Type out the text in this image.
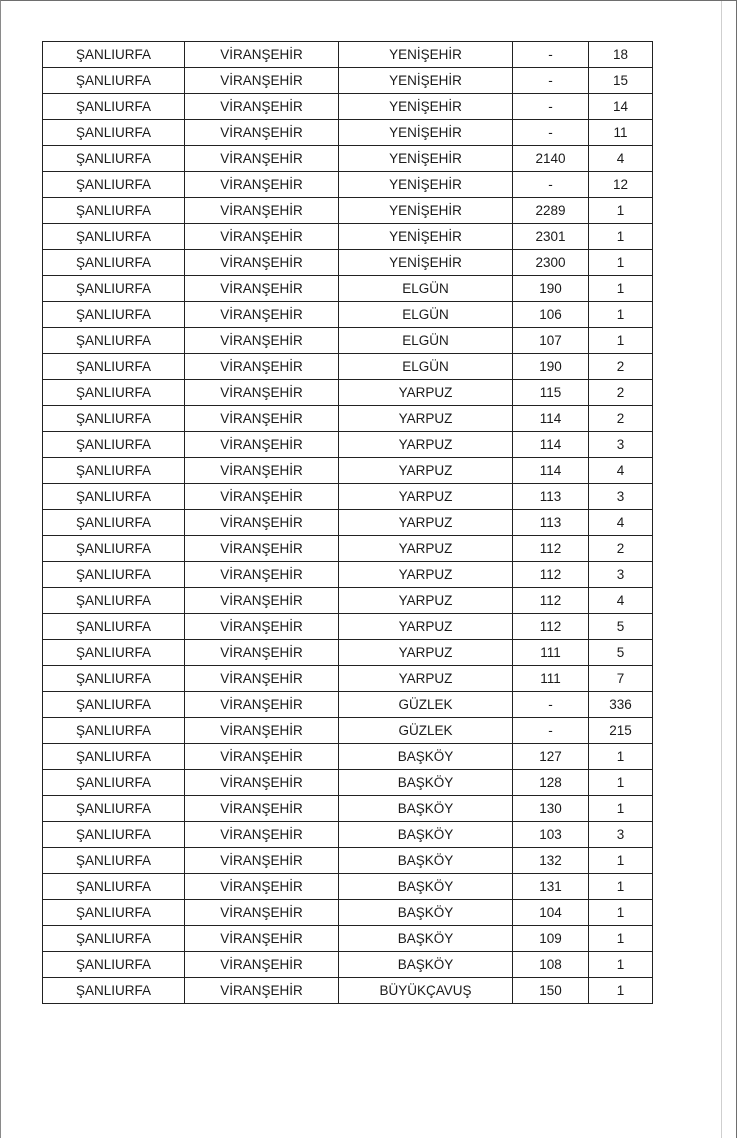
ŞANLIURFA	VİRANŞEHİR	YENİŞEHİR	-	18
ŞANLIURFA	VİRANŞEHİR	YENİŞEHİR	-	15
ŞANLIURFA	VİRANŞEHİR	YENİŞEHİR	-	14
ŞANLIURFA	VİRANŞEHİR	YENİŞEHİR	-	11
ŞANLIURFA	VİRANŞEHİR	YENİŞEHİR	2140	4
ŞANLIURFA	VİRANŞEHİR	YENİŞEHİR	-	12
ŞANLIURFA	VİRANŞEHİR	YENİŞEHİR	2289	1
ŞANLIURFA	VİRANŞEHİR	YENİŞEHİR	2301	1
ŞANLIURFA	VİRANŞEHİR	YENİŞEHİR	2300	1
ŞANLIURFA	VİRANŞEHİR	ELGÜN	190	1
ŞANLIURFA	VİRANŞEHİR	ELGÜN	106	1
ŞANLIURFA	VİRANŞEHİR	ELGÜN	107	1
ŞANLIURFA	VİRANŞEHİR	ELGÜN	190	2
ŞANLIURFA	VİRANŞEHİR	YARPUZ	115	2
ŞANLIURFA	VİRANŞEHİR	YARPUZ	114	2
ŞANLIURFA	VİRANŞEHİR	YARPUZ	114	3
ŞANLIURFA	VİRANŞEHİR	YARPUZ	114	4
ŞANLIURFA	VİRANŞEHİR	YARPUZ	113	3
ŞANLIURFA	VİRANŞEHİR	YARPUZ	113	4
ŞANLIURFA	VİRANŞEHİR	YARPUZ	112	2
ŞANLIURFA	VİRANŞEHİR	YARPUZ	112	3
ŞANLIURFA	VİRANŞEHİR	YARPUZ	112	4
ŞANLIURFA	VİRANŞEHİR	YARPUZ	112	5
ŞANLIURFA	VİRANŞEHİR	YARPUZ	111	5
ŞANLIURFA	VİRANŞEHİR	YARPUZ	111	7
ŞANLIURFA	VİRANŞEHİR	GÜZLEK	-	336
ŞANLIURFA	VİRANŞEHİR	GÜZLEK	-	215
ŞANLIURFA	VİRANŞEHİR	BAŞKÖY	127	1
ŞANLIURFA	VİRANŞEHİR	BAŞKÖY	128	1
ŞANLIURFA	VİRANŞEHİR	BAŞKÖY	130	1
ŞANLIURFA	VİRANŞEHİR	BAŞKÖY	103	3
ŞANLIURFA	VİRANŞEHİR	BAŞKÖY	132	1
ŞANLIURFA	VİRANŞEHİR	BAŞKÖY	131	1
ŞANLIURFA	VİRANŞEHİR	BAŞKÖY	104	1
ŞANLIURFA	VİRANŞEHİR	BAŞKÖY	109	1
ŞANLIURFA	VİRANŞEHİR	BAŞKÖY	108	1
ŞANLIURFA	VİRANŞEHİR	BÜYÜKÇAVUŞ	150	1
